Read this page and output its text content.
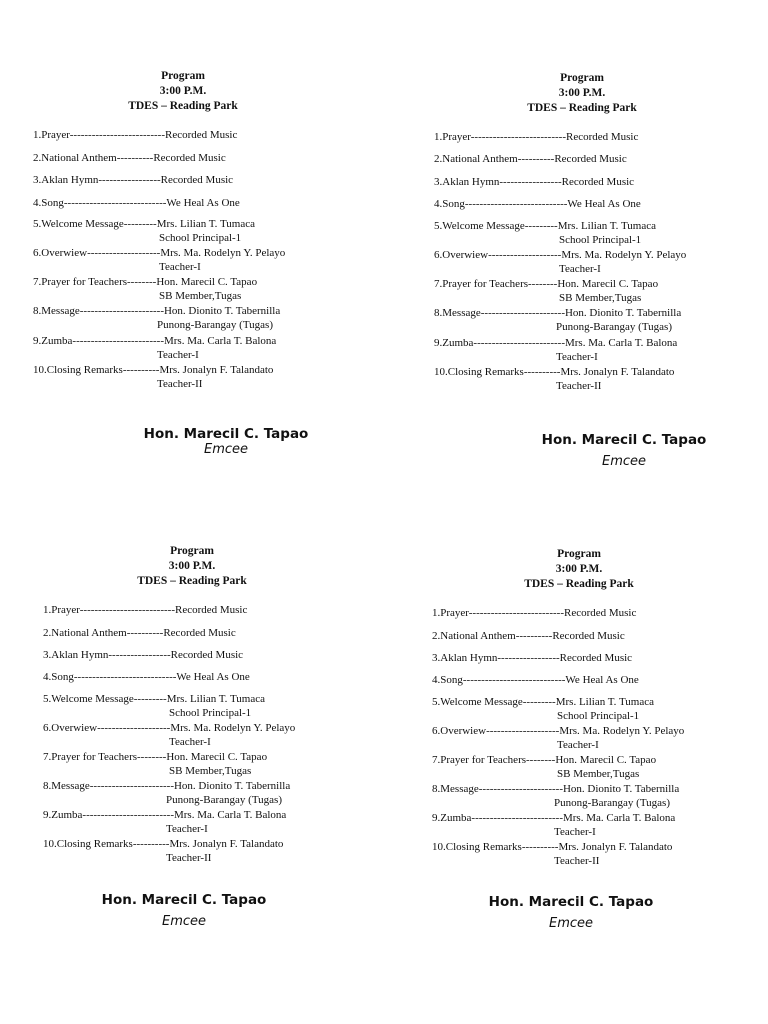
Program
3:00 P.M.
TDES – Reading Park
1.Prayer--------------------------Recorded Music
2.National Anthem----------Recorded Music
3.Aklan Hymn-----------------Recorded Music
4.Song----------------------------We Heal As One
5.Welcome Message---------Mrs. Lilian T. Tumaca
School Principal-1
6.Overwiew--------------------Mrs. Ma. Rodelyn Y. Pelayo
Teacher-I
7.Prayer for Teachers--------Hon. Marecil C. Tapao
SB Member,Tugas
8.Message-----------------------Hon. Dionito T. Tabernilla
Punong-Barangay (Tugas)
9.Zumba-------------------------Mrs. Ma. Carla T. Balona
Teacher-I
10.Closing Remarks----------Mrs. Jonalyn F. Talandato
Teacher-II
Hon. Marecil C. Tapao
Emcee
Program
3:00 P.M.
TDES – Reading Park
1.Prayer--------------------------Recorded Music
2.National Anthem----------Recorded Music
3.Aklan Hymn-----------------Recorded Music
4.Song----------------------------We Heal As One
5.Welcome Message---------Mrs. Lilian T. Tumaca
School Principal-1
6.Overwiew--------------------Mrs. Ma. Rodelyn Y. Pelayo
Teacher-I
7.Prayer for Teachers--------Hon. Marecil C. Tapao
SB Member,Tugas
8.Message-----------------------Hon. Dionito T. Tabernilla
Punong-Barangay (Tugas)
9.Zumba-------------------------Mrs. Ma. Carla T. Balona
Teacher-I
10.Closing Remarks----------Mrs. Jonalyn F. Talandato
Teacher-II
Hon. Marecil C. Tapao
Emcee
Program
3:00 P.M.
TDES – Reading Park
1.Prayer--------------------------Recorded Music
2.National Anthem----------Recorded Music
3.Aklan Hymn-----------------Recorded Music
4.Song----------------------------We Heal As One
5.Welcome Message---------Mrs. Lilian T. Tumaca
School Principal-1
6.Overwiew--------------------Mrs. Ma. Rodelyn Y. Pelayo
Teacher-I
7.Prayer for Teachers--------Hon. Marecil C. Tapao
SB Member,Tugas
8.Message-----------------------Hon. Dionito T. Tabernilla
Punong-Barangay (Tugas)
9.Zumba-------------------------Mrs. Ma. Carla T. Balona
Teacher-I
10.Closing Remarks----------Mrs. Jonalyn F. Talandato
Teacher-II
Hon. Marecil C. Tapao
Emcee
Program
3:00 P.M.
TDES – Reading Park
1.Prayer--------------------------Recorded Music
2.National Anthem----------Recorded Music
3.Aklan Hymn-----------------Recorded Music
4.Song----------------------------We Heal As One
5.Welcome Message---------Mrs. Lilian T. Tumaca
School Principal-1
6.Overwiew--------------------Mrs. Ma. Rodelyn Y. Pelayo
Teacher-I
7.Prayer for Teachers--------Hon. Marecil C. Tapao
SB Member,Tugas
8.Message-----------------------Hon. Dionito T. Tabernilla
Punong-Barangay (Tugas)
9.Zumba-------------------------Mrs. Ma. Carla T. Balona
Teacher-I
10.Closing Remarks----------Mrs. Jonalyn F. Talandato
Teacher-II
Hon. Marecil C. Tapao
Emcee
